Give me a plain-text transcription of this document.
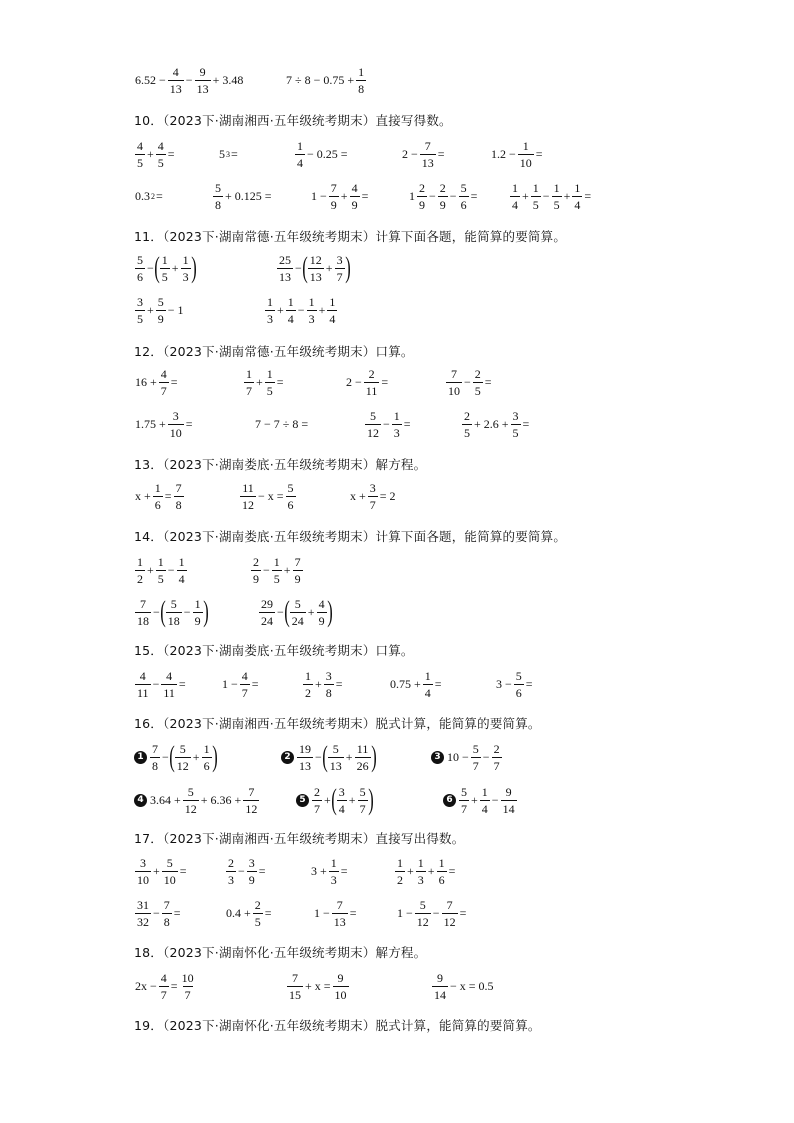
$6.52 - \frac{4}{13} - \frac{9}{13} + 3.48$	$7 \div 8 - 0.75 + \frac{1}{8}$
10．（2023下·湖南湘西·五年级统考期末）直接写得数。
$\frac{4}{5} + \frac{4}{5}$ =	5 3 =	$\frac{1}{4} - 0.25$ =	$2 - \frac{7}{13}$ =	$1.2 - \frac{1}{10}$ =
0.3 2 =	$\frac{5}{8} + 0.125$ =	$1 - \frac{7}{9} + \frac{4}{9}$ =	$1 \frac{2}{9} - \frac{2}{9} - \frac{5}{6}$ =	$\frac{1}{4} + \frac{1}{5} - \frac{1}{5} + \frac{1}{4}$ =
11．（2023下·湖南常德·五年级统考期末）计算下面各题，能简算的要简算。
$\frac{5}{6}$ − ( $\frac{1}{5} + \frac{1}{3}$ )	$\frac{25}{13}$ − ( $\frac{12}{13} + \frac{3}{7}$ )
$\frac{3}{5} + \frac{5}{9} - 1$	$\frac{1}{3} + \frac{1}{4} - \frac{1}{3} + \frac{1}{4}$
12．（2023下·湖南常德·五年级统考期末）口算。
$16 + \frac{4}{7}$ =	$\frac{1}{7} + \frac{1}{5}$ =	$2 - \frac{2}{11}$ =	$\frac{7}{10} - \frac{2}{5}$ =
$1.75 + \frac{3}{10}$ =	7 − 7 ÷ 8 =	$\frac{5}{12} - \frac{1}{3}$ =	$\frac{2}{5} + 2.6 + \frac{3}{5}$ =
13．（2023下·湖南娄底·五年级统考期末）解方程。
$x + \frac{1}{6} = \frac{7}{8}$	$\frac{11}{12} - x = \frac{5}{6}$	$x + \frac{3}{7} = 2$
14．（2023下·湖南娄底·五年级统考期末）计算下面各题，能简算的要简算。
$\frac{1}{2} + \frac{1}{5} - \frac{1}{4}$	$\frac{2}{9} - \frac{1}{5} + \frac{7}{9}$
$\frac{7}{18}$ − ( $\frac{5}{18} - \frac{1}{9}$ )	$\frac{29}{24}$ − ( $\frac{5}{24} + \frac{4}{9}$ )
15．（2023下·湖南娄底·五年级统考期末）口算。
$\frac{4}{11} - \frac{4}{11}$ =	$1 - \frac{4}{7}$ =	$\frac{1}{2} + \frac{3}{8}$ =	$0.75 + \frac{1}{4}$ =	$3 - \frac{5}{6}$ =
16．（2023下·湖南湘西·五年级统考期末）脱式计算，能简算的要简算。
$1 \frac{7}{8}$ − ( $\frac{5}{12} + \frac{1}{6}$ )	$2 \frac{19}{13}$ − ( $\frac{5}{13} + \frac{11}{26}$ )	3 $10 - \frac{5}{7} - \frac{2}{7}$
4 $3.64 + \frac{5}{12} + 6.36 + \frac{7}{12}$	$5 \frac{2}{7}$ + ( $\frac{3}{4} + \frac{5}{7}$ )	$6 \frac{5}{7} + \frac{1}{4} - \frac{9}{14}$
17．（2023下·湖南湘西·五年级统考期末）直接写出得数。
$\frac{3}{10} + \frac{5}{10}$ =	$\frac{2}{3} - \frac{3}{9}$ =	$3 + \frac{1}{3}$ =	$\frac{1}{2} + \frac{1}{3} + \frac{1}{6}$ =
$\frac{31}{32} - \frac{7}{8}$ =	$0.4 + \frac{2}{5}$ =	$1 - \frac{7}{13}$ =	$1 - \frac{5}{12} - \frac{7}{12}$ =
18．（2023下·湖南怀化·五年级统考期末）解方程。
$2x - \frac{4}{7} = \frac{10}{7}$	$\frac{7}{15} + x = \frac{9}{10}$	$\frac{9}{14} - x = 0.5$
19．（2023下·湖南怀化·五年级统考期末）脱式计算，能简算的要简算。
